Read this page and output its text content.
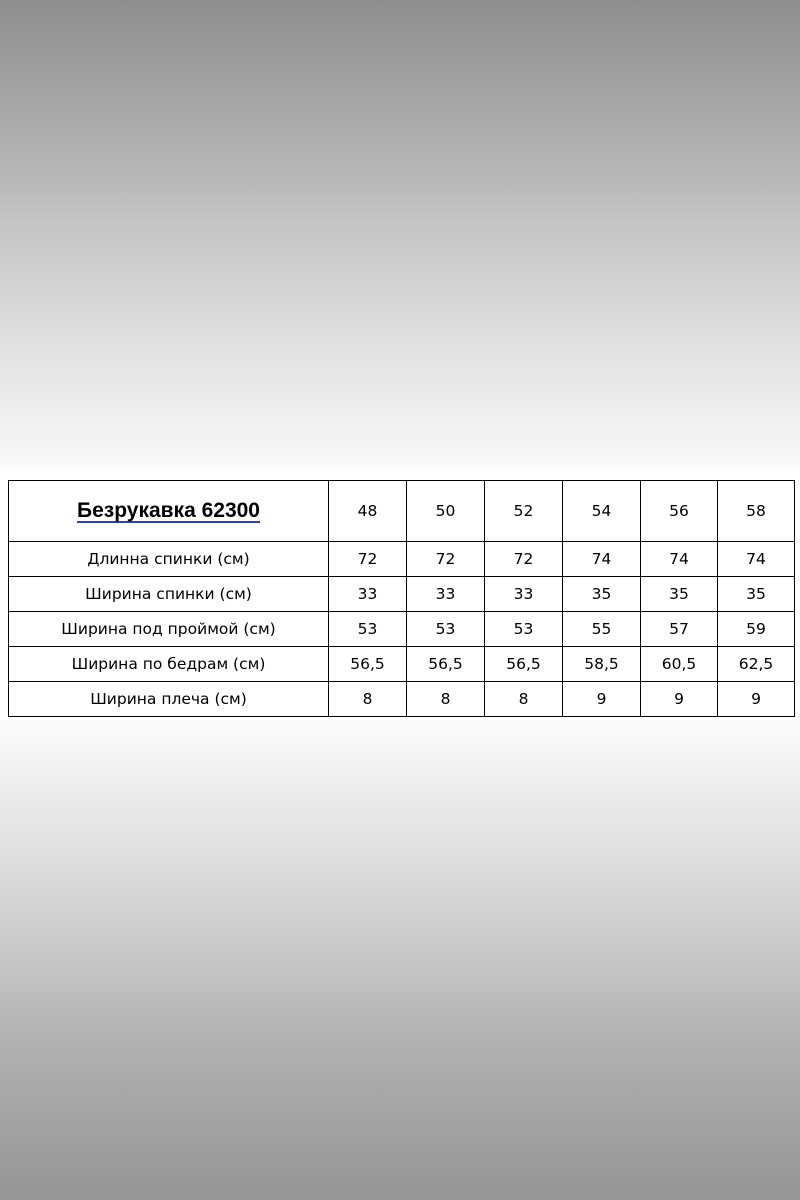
Безрукавка 62300	48	50	52	54	56	58
Длинна спинки (см)	72	72	72	74	74	74
Ширина спинки (см)	33	33	33	35	35	35
Ширина под проймой (см)	53	53	53	55	57	59
Ширина по бедрам (см)	56,5	56,5	56,5	58,5	60,5	62,5
Ширина плеча (см)	8	8	8	9	9	9
